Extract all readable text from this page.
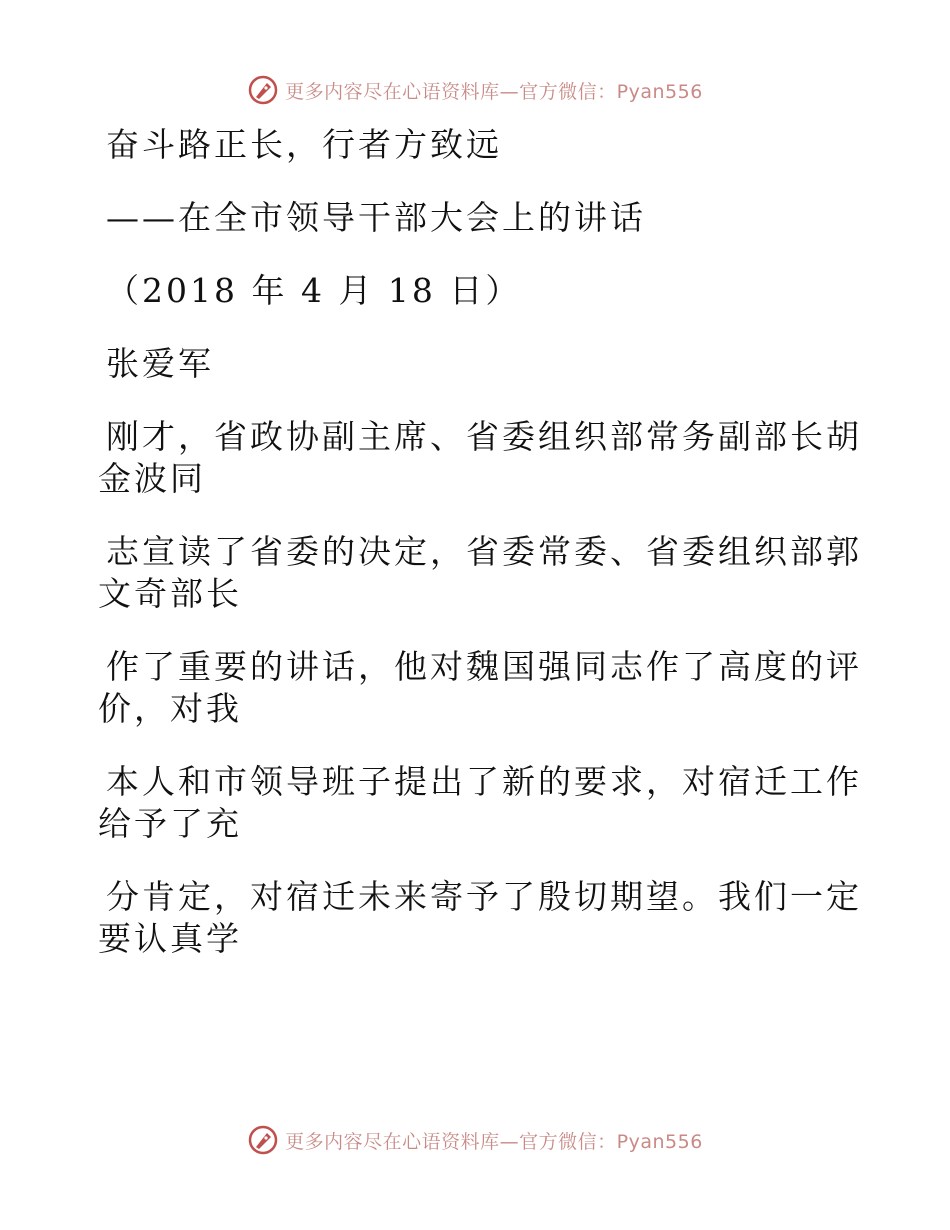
更多内容尽在心语资料库—官方微信：Pyan556

奋斗路正长，行者方致远

——在全市领导干部大会上的讲话

（2018 年 4 月 18 日）

张爱军

刚才，省政协副主席、省委组织部常务副部长胡

金波同

志宣读了省委的决定，省委常委、省委组织部郭

文奇部长

作了重要的讲话，他对魏国强同志作了高度的评

价，对我

本人和市领导班子提出了新的要求，对宿迁工作

给予了充

分肯定，对宿迁未来寄予了殷切期望。我们一定

要认真学

更多内容尽在心语资料库—官方微信：Pyan556
